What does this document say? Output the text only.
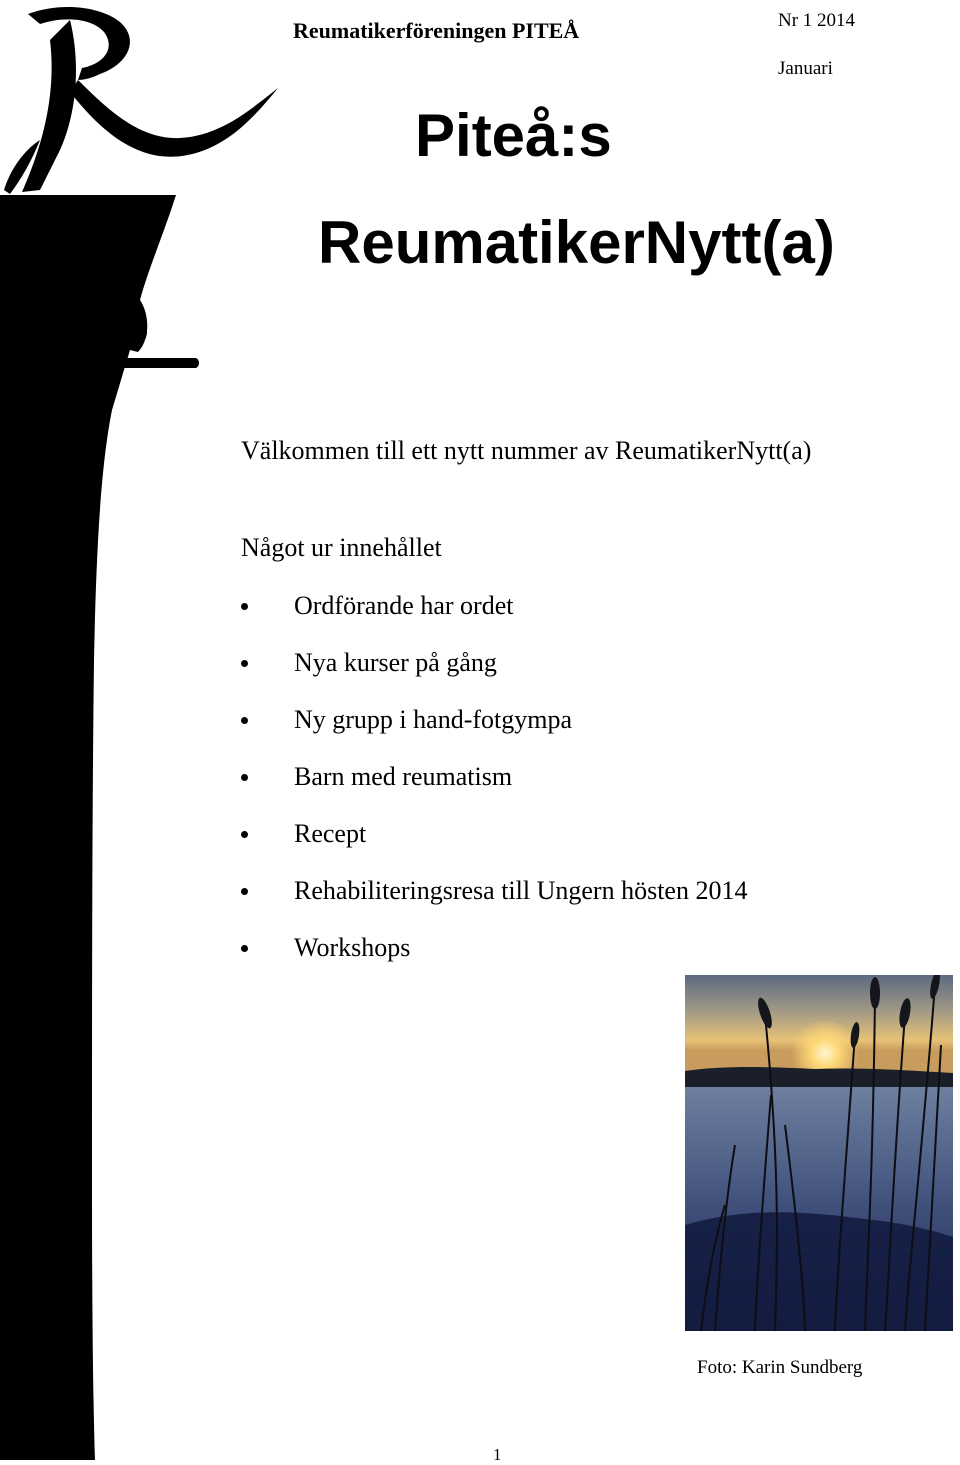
Reumatikerföreningen PITEÅ	Nr 1 2014
Januari
Piteå:s
ReumatikerNytt(a)
Välkommen till ett nytt nummer av ReumatikerNytt(a)
Något ur innehållet
Ordförande har ordet
Nya kurser på gång
Ny grupp i hand-fotgympa
Barn med reumatism
Recept
Rehabiliteringsresa till Ungern hösten 2014
Workshops
Foto: Karin Sundberg
1
